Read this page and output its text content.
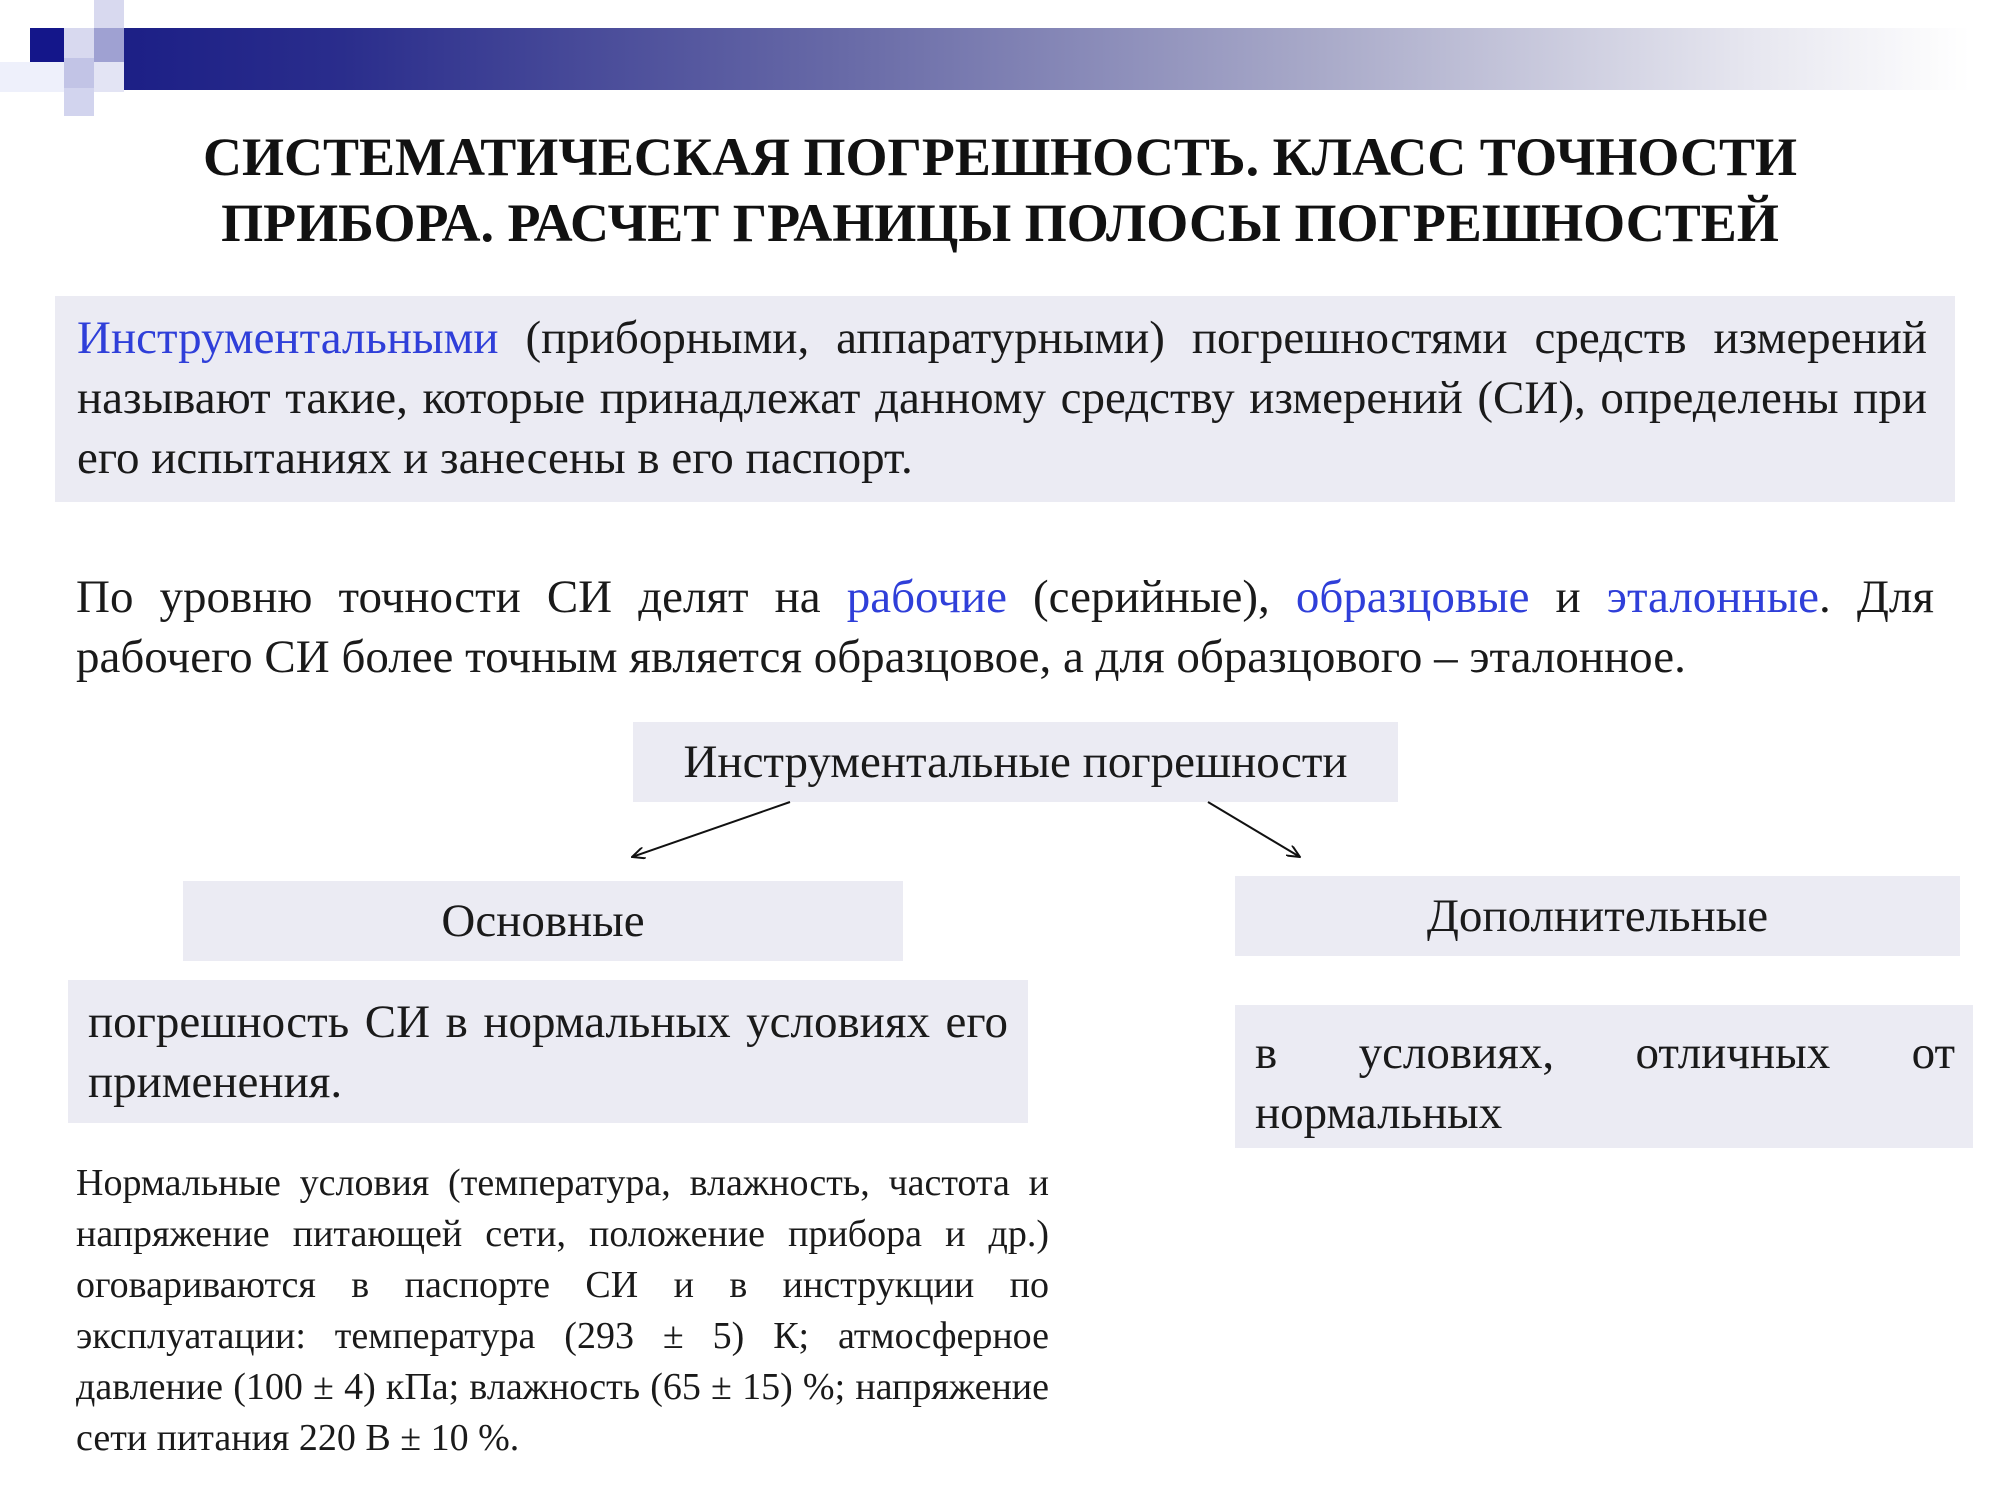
СИСТЕМАТИЧЕСКАЯ ПОГРЕШНОСТЬ. КЛАСС ТОЧНОСТИ
ПРИБОРА. РАСЧЕТ ГРАНИЦЫ ПОЛОСЫ ПОГРЕШНОСТЕЙ
Инструментальными (приборными, аппаратурными) погрешностями средств измерений называют такие, которые принадлежат данному средству измерений (СИ), определены при его испытаниях и занесены в его паспорт.
По уровню точности СИ делят на рабочие (серийные), образцовые и эталонные. Для рабочего СИ более точным является образцовое, а для образцового – эталонное.
Инструментальные погрешности
Основные	Дополнительные
погрешность СИ в нормальных условиях его применения.
в условиях, отличных от
нормальных
Нормальные условия (температура, влажность, частота и напряжение питающей сети, положение прибора и др.) оговариваются в паспорте СИ и в инструкции по эксплуатации: температура (293 ± 5) К; атмосферное давление (100 ± 4) кПа; влажность (65 ± 15) %; напряжение сети питания 220 В ± 10 %.
